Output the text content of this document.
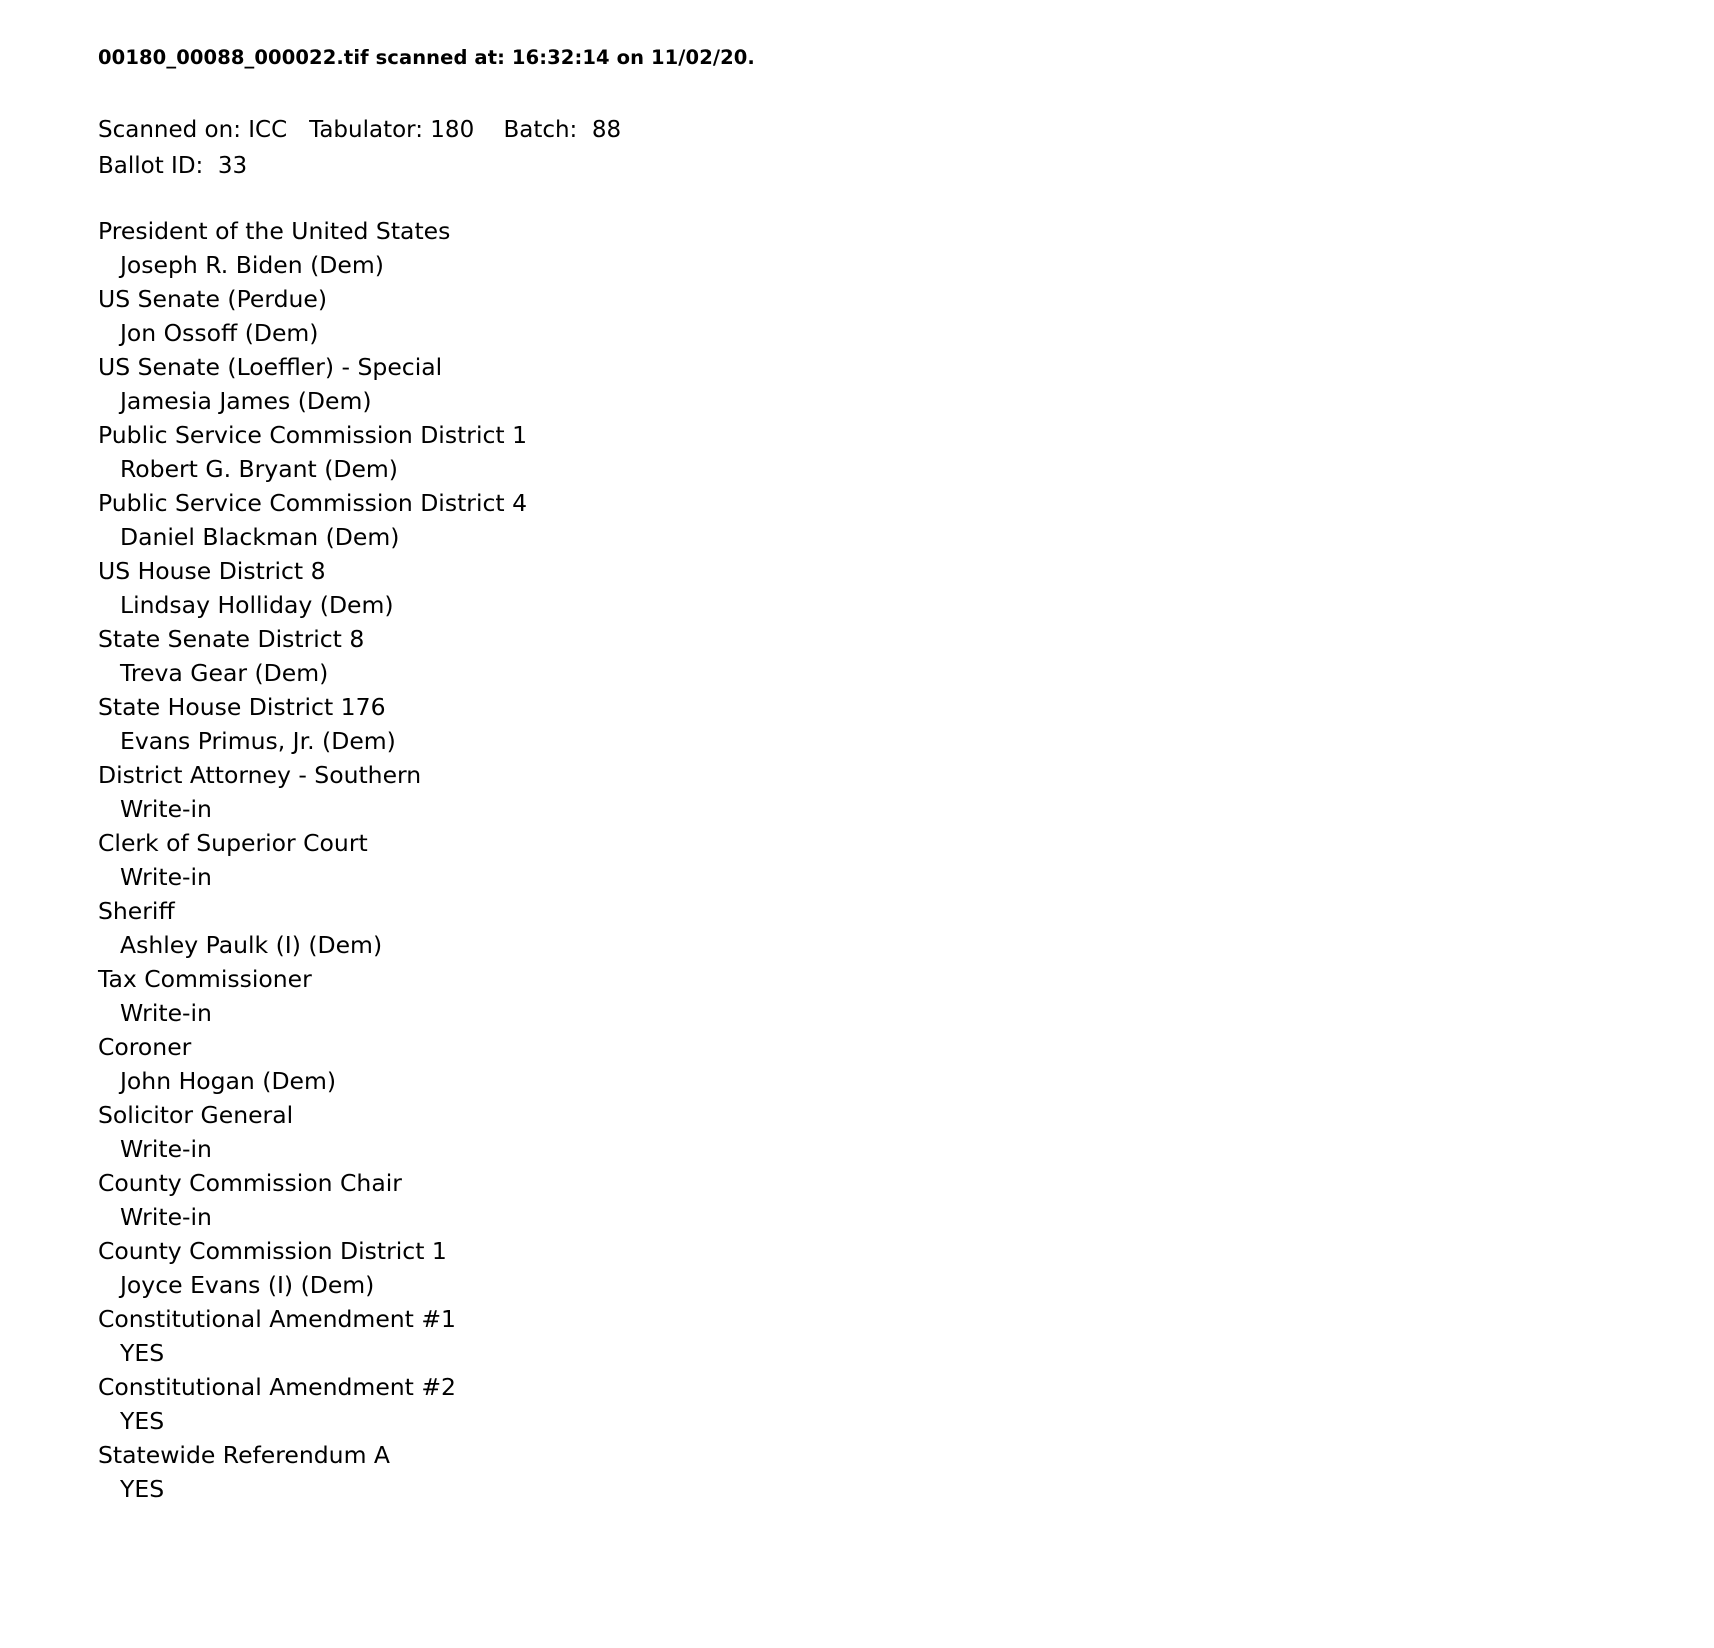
00180_00088_000022.tif scanned at: 16:32:14 on 11/02/20.
Scanned on: ICC   Tabulator: 180    Batch:  88
Ballot ID:  33
President of the United States
Joseph R. Biden (Dem)
US Senate (Perdue)
Jon Ossoff (Dem)
US Senate (Loeffler) - Special
Jamesia James (Dem)
Public Service Commission District 1
Robert G. Bryant (Dem)
Public Service Commission District 4
Daniel Blackman (Dem)
US House District 8
Lindsay Holliday (Dem)
State Senate District 8
Treva Gear (Dem)
State House District 176
Evans Primus, Jr. (Dem)
District Attorney - Southern
Write-in
Clerk of Superior Court
Write-in
Sheriff
Ashley Paulk (I) (Dem)
Tax Commissioner
Write-in
Coroner
John Hogan (Dem)
Solicitor General
Write-in
County Commission Chair
Write-in
County Commission District 1
Joyce Evans (I) (Dem)
Constitutional Amendment #1
YES
Constitutional Amendment #2
YES
Statewide Referendum A
YES
